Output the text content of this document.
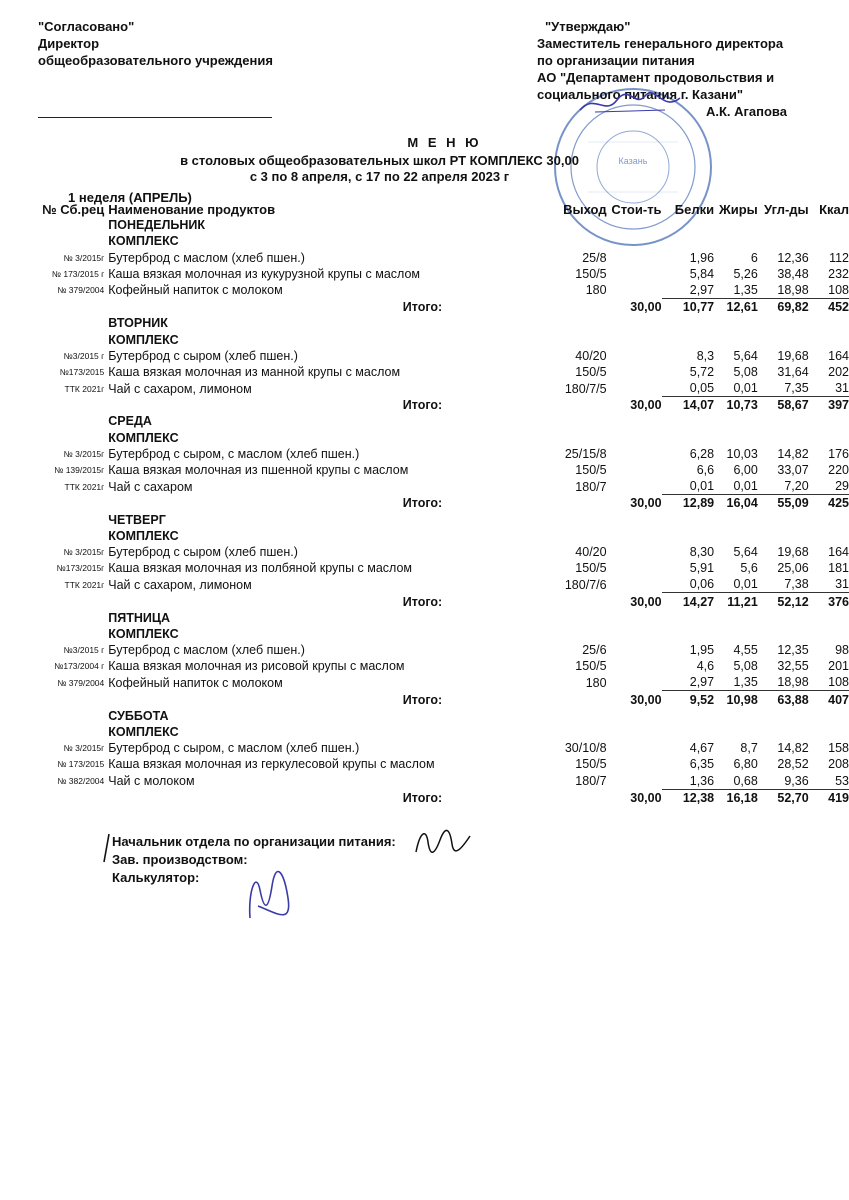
"Согласовано"
Директор
общеобразовательного учреждения
Казань
"Утверждаю"
Заместитель генерального директора
по организации питания
АО "Департамент продовольствия и
социального питания г. Казани"
А.К. Агапова
М Е Н Ю
в столовых общеобразовательных школ РТ КОМПЛЕКС 30,00
с 3 по 8 апреля, с 17 по 22 апреля 2023 г
1 неделя (АПРЕЛЬ)
№ Сб.рец	Наименование продуктов	Выход	Стои-ть	Белки	Жиры	Угл-ды	Ккал
	ПОНЕДЕЛЬНИК						
	КОМПЛЕКС						
№ 3/2015г	Бутерброд с маслом (хлеб пшен.)	25/8		1,96	6	12,36	112
№ 173/2015 г	Каша вязкая молочная из кукурузной крупы с маслом	150/5		5,84	5,26	38,48	232
№ 379/2004	Кофейный напиток с молоком	180		2,97	1,35	18,98	108
	Итого:		30,00	10,77	12,61	69,82	452
	ВТОРНИК						
	КОМПЛЕКС						
№3/2015 г	Бутерброд с сыром (хлеб пшен.)	40/20		8,3	5,64	19,68	164
№173/2015	Каша вязкая молочная из манной крупы с маслом	150/5		5,72	5,08	31,64	202
ТТК 2021г	Чай с сахаром, лимоном	180/7/5		0,05	0,01	7,35	31
	Итого:		30,00	14,07	10,73	58,67	397
	СРЕДА						
	КОМПЛЕКС						
№ 3/2015г	Бутерброд с сыром, с маслом (хлеб пшен.)	25/15/8		6,28	10,03	14,82	176
№ 139/2015г	Каша вязкая молочная из пшенной крупы с маслом	150/5		6,6	6,00	33,07	220
ТТК 2021г	Чай с сахаром	180/7		0,01	0,01	7,20	29
	Итого:		30,00	12,89	16,04	55,09	425
	ЧЕТВЕРГ						
	КОМПЛЕКС						
№ 3/2015г	Бутерброд с сыром (хлеб пшен.)	40/20		8,30	5,64	19,68	164
№173/2015г	Каша вязкая молочная из полбяной крупы с маслом	150/5		5,91	5,6	25,06	181
ТТК 2021г	Чай с сахаром, лимоном	180/7/6		0,06	0,01	7,38	31
	Итого:		30,00	14,27	11,21	52,12	376
	ПЯТНИЦА						
	КОМПЛЕКС						
№3/2015 г	Бутерброд с маслом (хлеб пшен.)	25/6		1,95	4,55	12,35	98
№173/2004 г	Каша вязкая молочная из рисовой крупы с маслом	150/5		4,6	5,08	32,55	201
№ 379/2004	Кофейный напиток с молоком	180		2,97	1,35	18,98	108
	Итого:		30,00	9,52	10,98	63,88	407
	СУББОТА						
	КОМПЛЕКС						
№ 3/2015г	Бутерброд с сыром, с маслом (хлеб пшен.)	30/10/8		4,67	8,7	14,82	158
№ 173/2015	Каша вязкая молочная из геркулесовой крупы с маслом	150/5		6,35	6,80	28,52	208
№ 382/2004	Чай с молоком	180/7		1,36	0,68	9,36	53
	Итого:		30,00	12,38	16,18	52,70	419
Начальник отдела по организации питания:
Зав. производством:
Калькулятор:
